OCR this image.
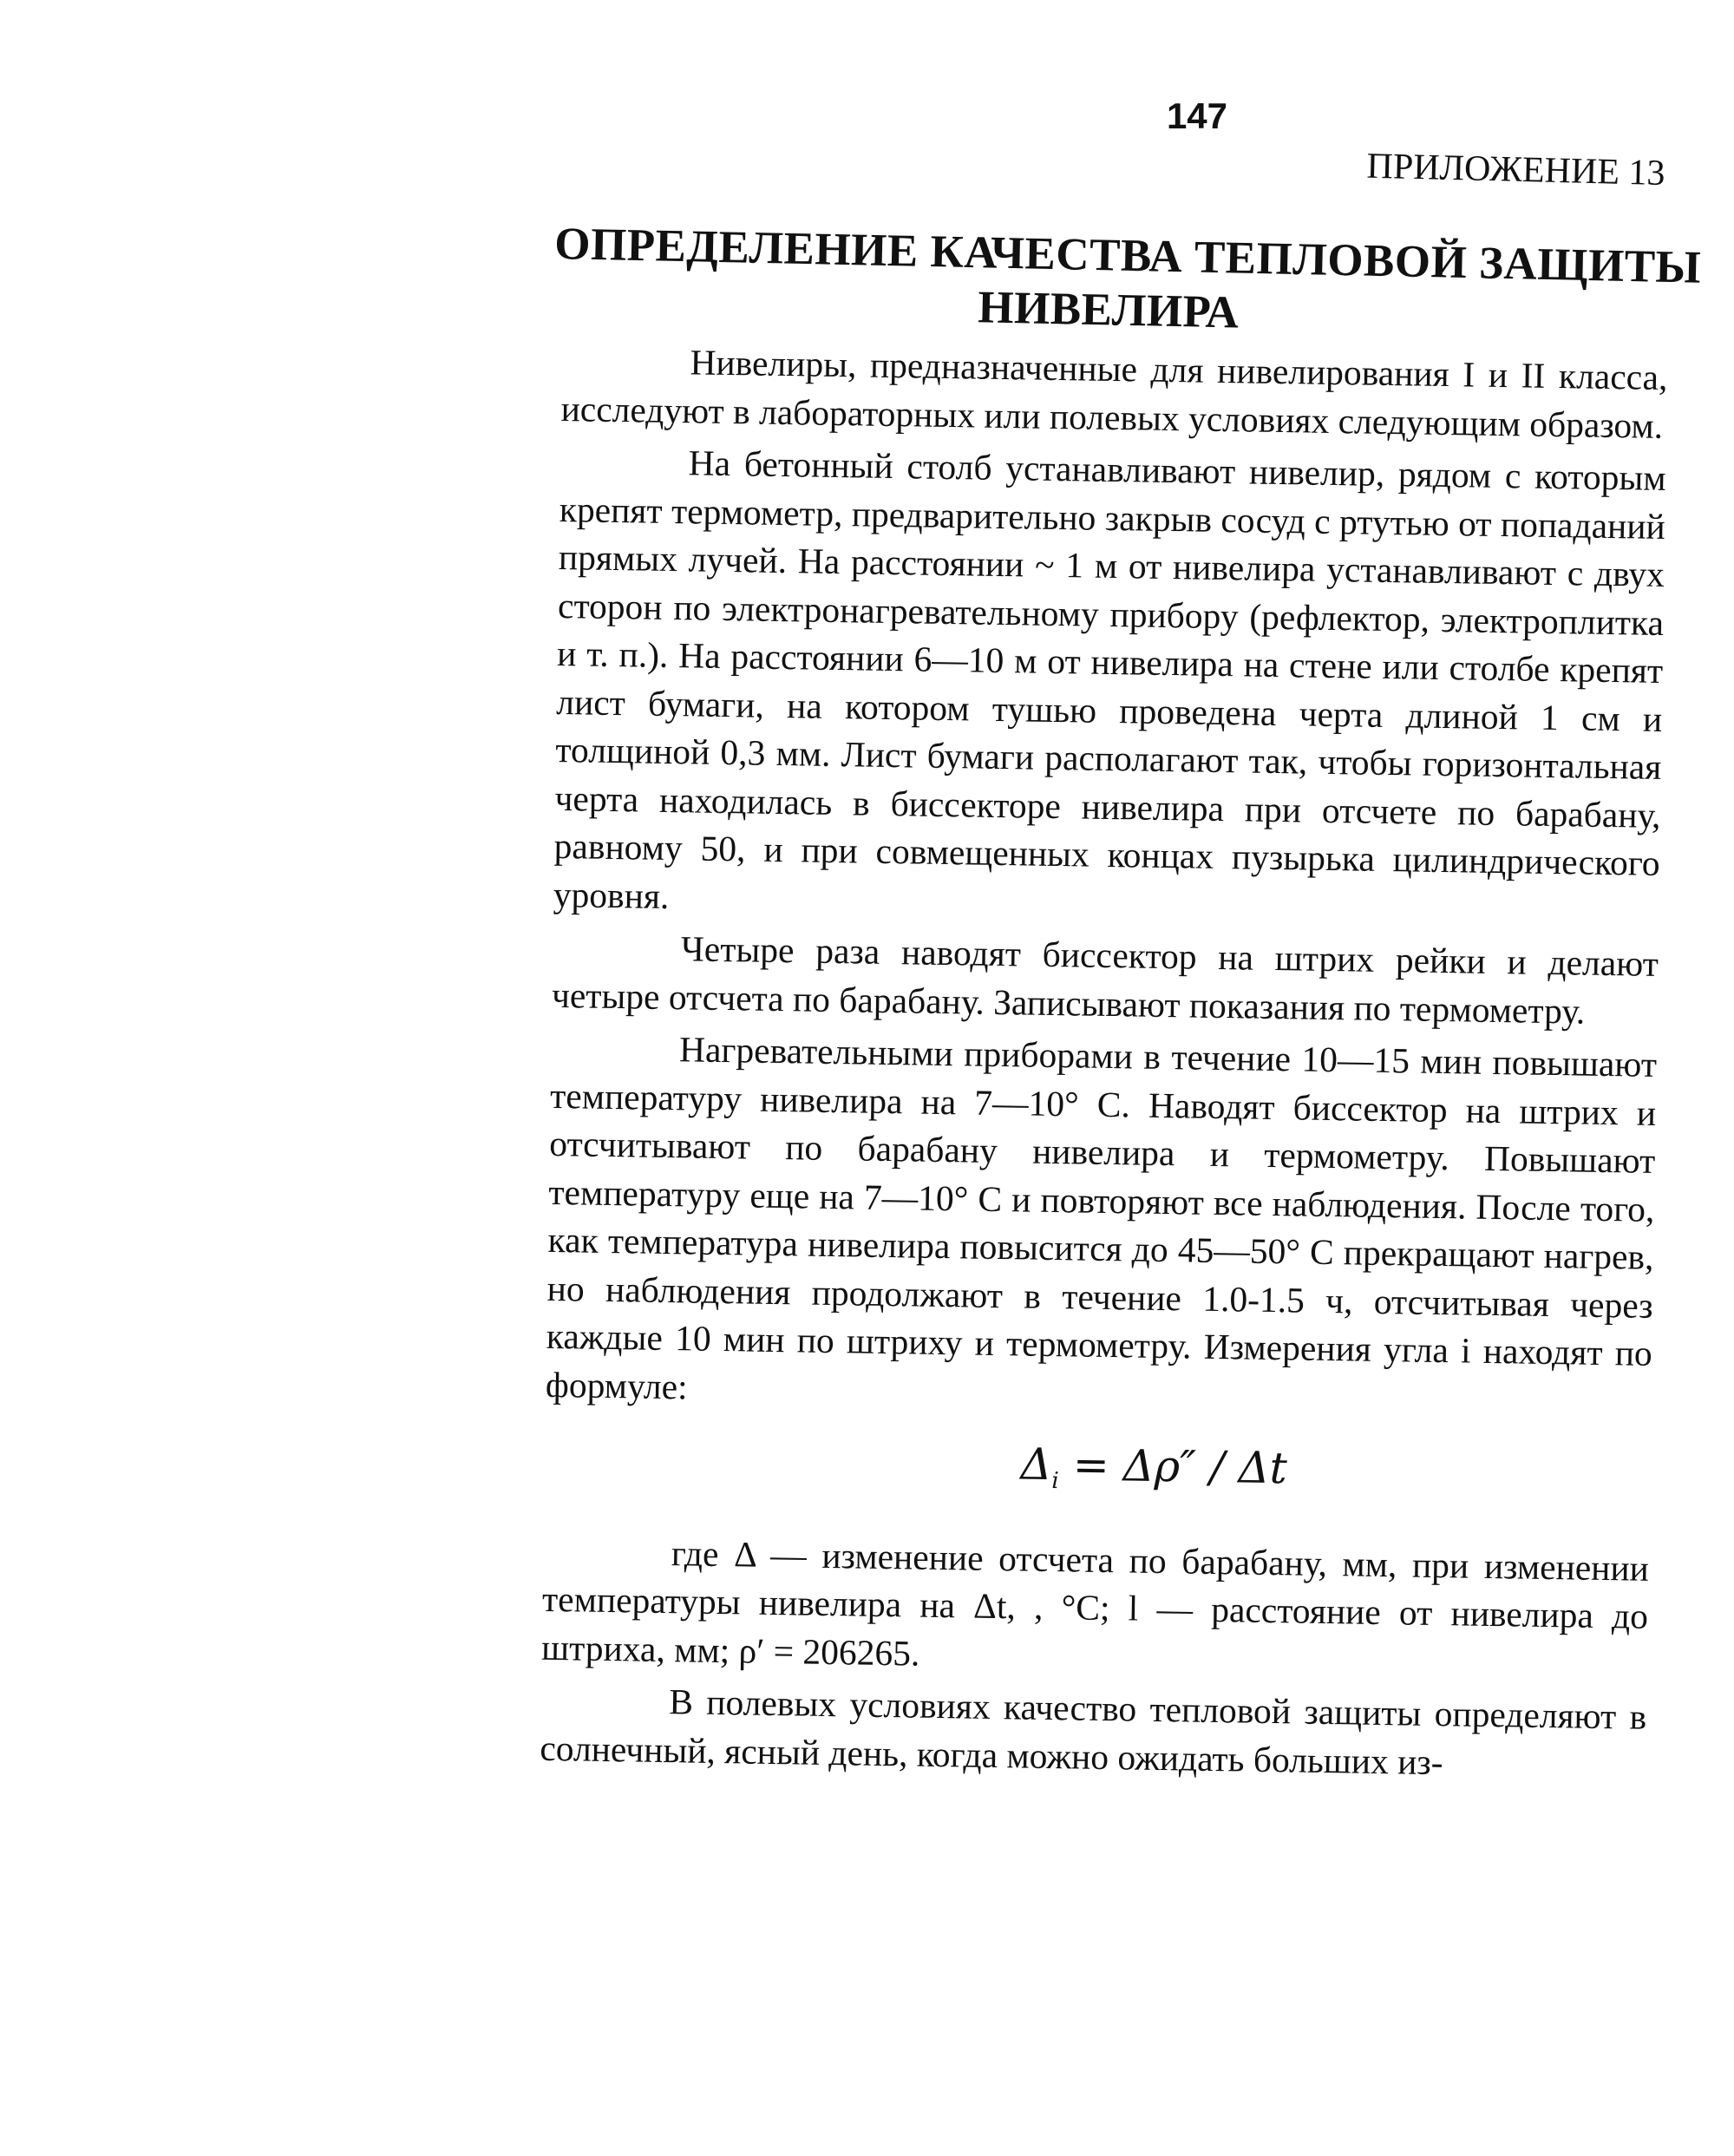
147
ПРИЛОЖЕНИЕ 13
ОПРЕДЕЛЕНИЕ КАЧЕСТВА ТЕПЛОВОЙ ЗАЩИТЫ
НИВЕЛИРА

Нивелиры, предназначенные для нивелирования I и II класса, исследуют в лабораторных или полевых условиях следующим образом.

На бетонный столб устанавливают нивелир, рядом с которым крепят термометр, предварительно закрыв сосуд с ртутью от попаданий прямых лучей. На расстоянии ~ 1 м от нивелира устанавливают с двух сторон по электронагревательному прибору (рефлектор, электроплитка и т. п.). На расстоянии 6—10 м от нивелира на стене или столбе крепят лист бумаги, на котором тушью проведена черта длиной 1 см и толщиной 0,3 мм. Лист бумаги располагают так, чтобы горизонтальная черта находилась в биссекторе нивелира при отсчете по барабану, равному 50, и при совмещенных концах пузырька цилиндрического уровня.

Четыре раза наводят биссектор на штрих рейки и делают четыре отсчета по барабану. Записывают показания по термометру.

Нагревательными приборами в течение 10—15 мин повышают температуру нивелира на 7—10° С. Наводят биссектор на штрих и отсчитывают по барабану нивелира и термометру. Повышают температуру еще на 7—10° С и повторяют все наблюдения. После того, как температура нивелира повысится до 45—50° С прекращают нагрев, но наблюдения продолжают в течение 1.0-1.5 ч, отсчитывая через каждые 10 мин по штриху и термометру. Измерения угла i находят по формуле:

$\Delta_i = \Delta\rho'' / \Delta t$

где Δ — изменение отсчета по барабану, мм, при изменении температуры нивелира на Δt, , °С; l — расстояние от нивелира до штриха, мм; ρ′ = 206265.

В полевых условиях качество тепловой защиты определяют в солнечный, ясный день, когда можно ожидать больших из-
